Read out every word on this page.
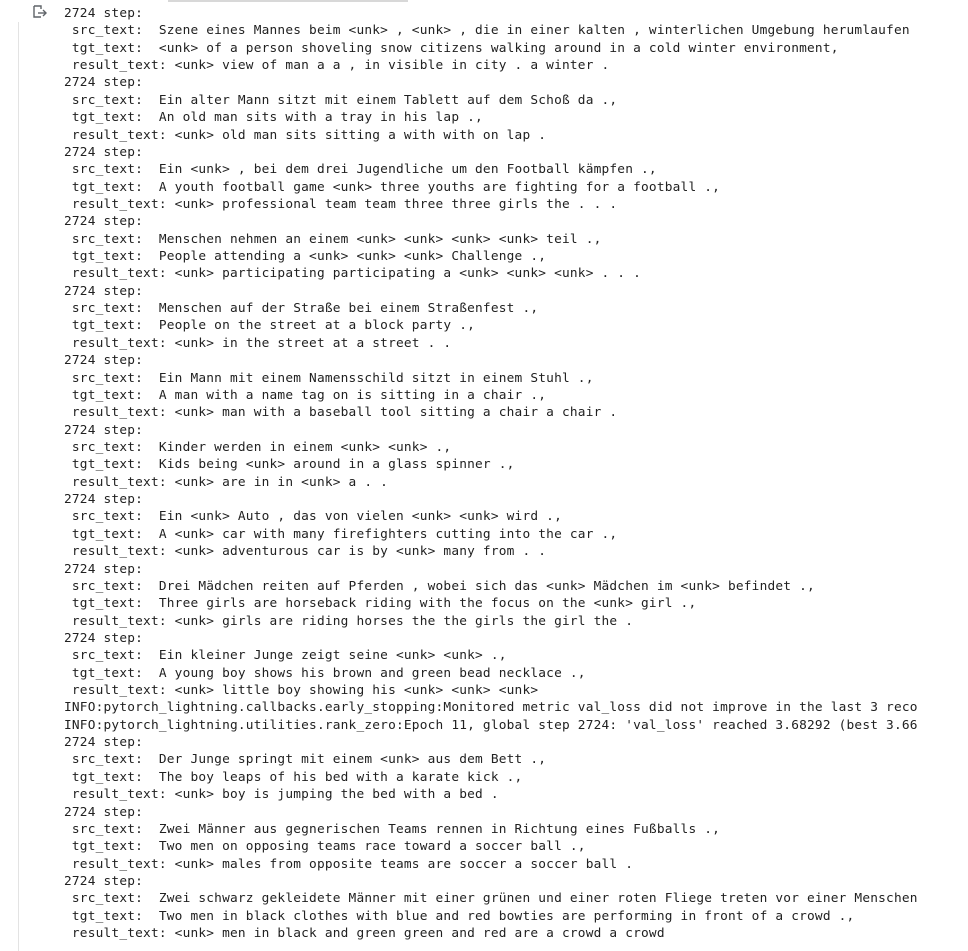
2724 step:
src_text:  Szene eines Mannes beim <unk> , <unk> , die in einer kalten , winterlichen Umgebung herumlaufen
tgt_text:  <unk> of a person shoveling snow citizens walking around in a cold winter environment,
result_text: <unk> view of man a a , in visible in city . a winter .
2724 step:
src_text:  Ein alter Mann sitzt mit einem Tablett auf dem Schoß da .,
tgt_text:  An old man sits with a tray in his lap .,
result_text: <unk> old man sits sitting a with with on lap .
2724 step:
src_text:  Ein <unk> , bei dem drei Jugendliche um den Football kämpfen .,
tgt_text:  A youth football game <unk> three youths are fighting for a football .,
result_text: <unk> professional team team three three girls the . . .
2724 step:
src_text:  Menschen nehmen an einem <unk> <unk> <unk> <unk> teil .,
tgt_text:  People attending a <unk> <unk> <unk> Challenge .,
result_text: <unk> participating participating a <unk> <unk> <unk> . . .
2724 step:
src_text:  Menschen auf der Straße bei einem Straßenfest .,
tgt_text:  People on the street at a block party .,
result_text: <unk> in the street at a street . .
2724 step:
src_text:  Ein Mann mit einem Namensschild sitzt in einem Stuhl .,
tgt_text:  A man with a name tag on is sitting in a chair .,
result_text: <unk> man with a baseball tool sitting a chair a chair .
2724 step:
src_text:  Kinder werden in einem <unk> <unk> .,
tgt_text:  Kids being <unk> around in a glass spinner .,
result_text: <unk> are in in <unk> a . .
2724 step:
src_text:  Ein <unk> Auto , das von vielen <unk> <unk> wird .,
tgt_text:  A <unk> car with many firefighters cutting into the car .,
result_text: <unk> adventurous car is by <unk> many from . .
2724 step:
src_text:  Drei Mädchen reiten auf Pferden , wobei sich das <unk> Mädchen im <unk> befindet .,
tgt_text:  Three girls are horseback riding with the focus on the <unk> girl .,
result_text: <unk> girls are riding horses the the girls the girl the .
2724 step:
src_text:  Ein kleiner Junge zeigt seine <unk> <unk> .,
tgt_text:  A young boy shows his brown and green bead necklace .,
result_text: <unk> little boy showing his <unk> <unk> <unk>
INFO:pytorch_lightning.callbacks.early_stopping:Monitored metric val_loss did not improve in the last 3 reco
INFO:pytorch_lightning.utilities.rank_zero:Epoch 11, global step 2724: 'val_loss' reached 3.68292 (best 3.66
2724 step:
src_text:  Der Junge springt mit einem <unk> aus dem Bett .,
tgt_text:  The boy leaps of his bed with a karate kick .,
result_text: <unk> boy is jumping the bed with a bed .
2724 step:
src_text:  Zwei Männer aus gegnerischen Teams rennen in Richtung eines Fußballs .,
tgt_text:  Two men on opposing teams race toward a soccer ball .,
result_text: <unk> males from opposite teams are soccer a soccer ball .
2724 step:
src_text:  Zwei schwarz gekleidete Männer mit einer grünen und einer roten Fliege treten vor einer Menschen
tgt_text:  Two men in black clothes with blue and red bowties are performing in front of a crowd .,
result_text: <unk> men in black and green green and red are a crowd a crowd
